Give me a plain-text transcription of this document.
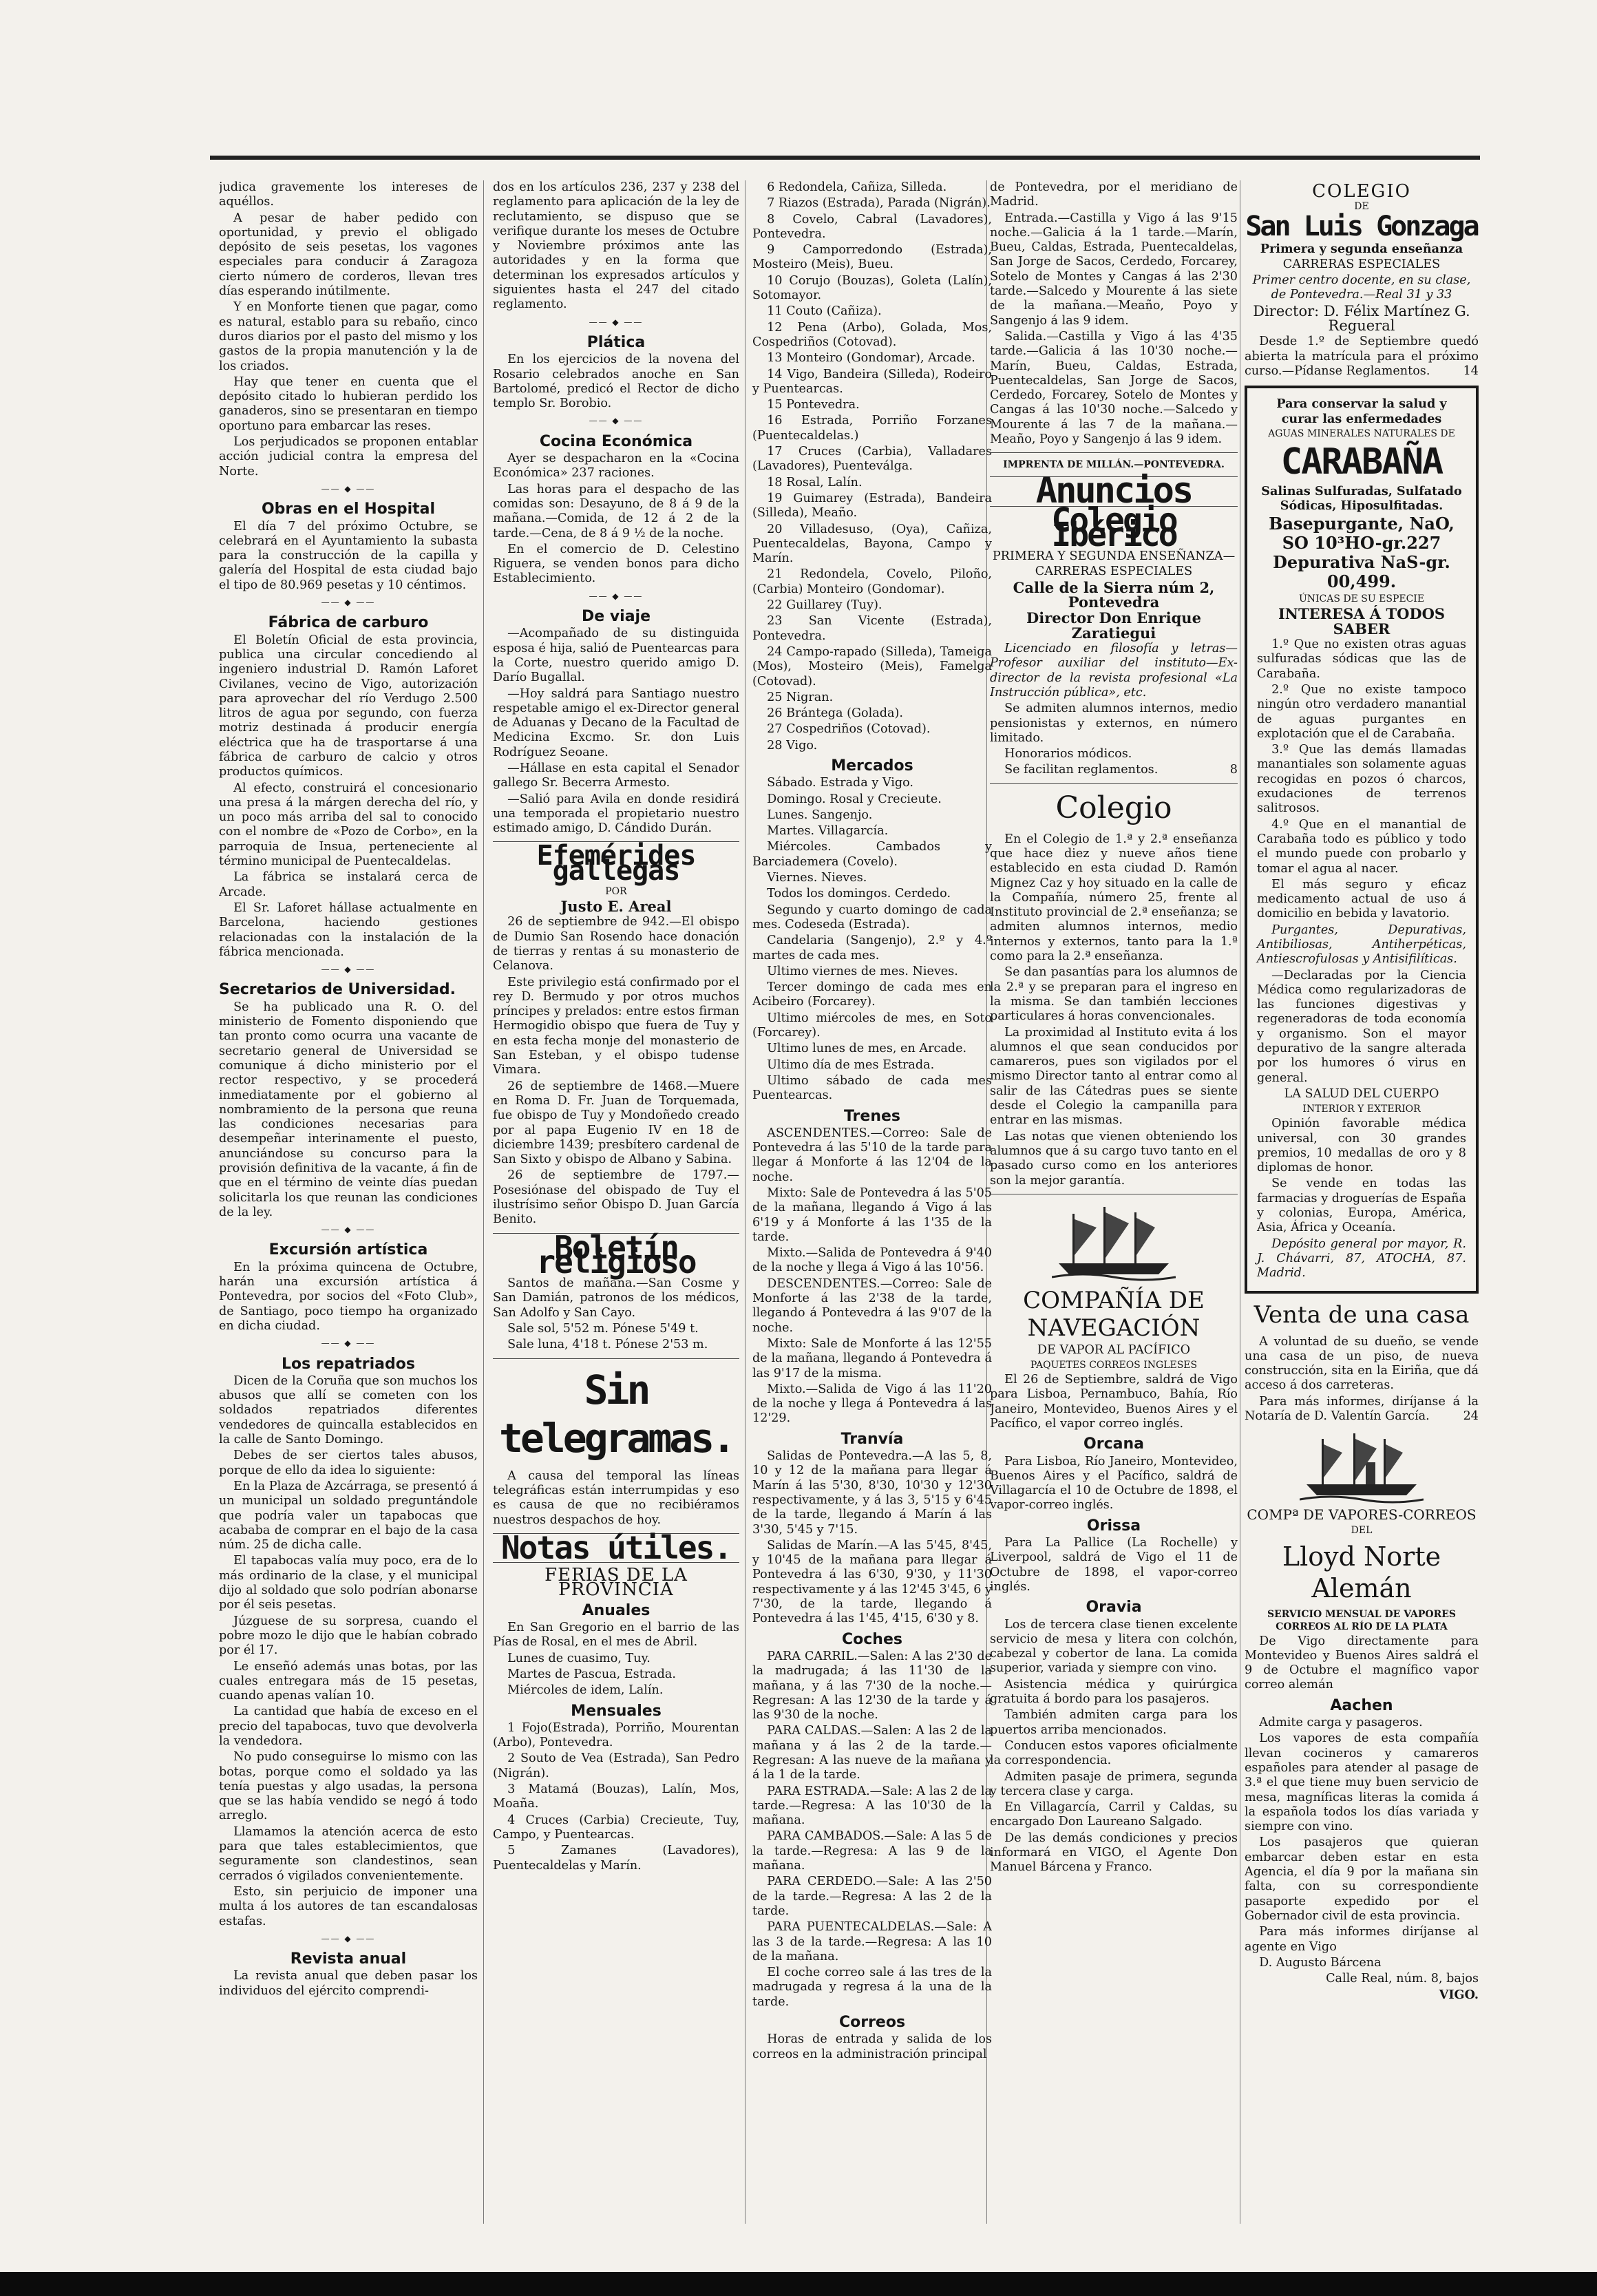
judica gravemente los intereses de aquéllos.

A pesar de haber pedido con oportunidad, y previo el obligado depósito de seis pesetas, los vagones especiales para conducir á Zaragoza cierto número de corderos, llevan tres días esperando inútilmente.

Y en Monforte tienen que pagar, como es natural, establo para su rebaño, cinco duros diarios por el pasto del mismo y los gastos de la propia manutención y la de los criados.

Hay que tener en cuenta que el depósito citado lo hubieran perdido los ganaderos, sino se presentaran en tiempo oportuno para embarcar las reses.

Los perjudicados se proponen entablar acción judicial contra la empresa del Norte.

—— ◆ ——
Obras en el Hospital

El día 7 del próximo Octubre, se celebrará en el Ayuntamiento la subasta para la construcción de la capilla y galería del Hospital de esta ciudad bajo el tipo de 80.969 pesetas y 10 céntimos.

—— ◆ ——
Fábrica de carburo

El Boletín Oficial de esta provincia, publica una circular concediendo al ingeniero industrial D. Ramón Laforet Civilanes, vecino de Vigo, autorización para aprovechar del río Verdugo 2.500 litros de agua por segundo, con fuerza motriz destinada á producir energía eléctrica que ha de trasportarse á una fábrica de carburo de calcio y otros productos químicos.

Al efecto, construirá el concesionario una presa á la márgen derecha del río, y un poco más arriba del sal to conocido con el nombre de «Pozo de Corbo», en la parroquia de Insua, perteneciente al término municipal de Puentecaldelas.

La fábrica se instalará cerca de Arcade.

El Sr. Laforet hállase actualmente en Barcelona, haciendo gestiones relacionadas con la instalación de la fábrica mencionada.

—— ◆ ——
Secretarios de Universidad.

Se ha publicado una R. O. del ministerio de Fomento disponiendo que tan pronto como ocurra una vacante de secretario general de Universidad se comunique á dicho ministerio por el rector respectivo, y se procederá inmediatamente por el gobierno al nombramiento de la persona que reuna las condiciones necesarias para desempeñar interinamente el puesto, anunciándose su concurso para la provisión definitiva de la vacante, á fin de que en el término de veinte días puedan solicitarla los que reunan las condiciones de la ley.

—— ◆ ——
Excursión artística

En la próxima quincena de Octubre, harán una excursión artística á Pontevedra, por socios del «Foto Club», de Santiago, poco tiempo ha organizado en dicha ciudad.

—— ◆ ——
Los repatriados

Dicen de la Coruña que son muchos los abusos que allí se cometen con los soldados repatriados diferentes vendedores de quincalla establecidos en la calle de Santo Domingo.

Debes de ser ciertos tales abusos, porque de ello da idea lo siguiente:

En la Plaza de Azcárraga, se presentó á un municipal un soldado preguntándole que podría valer un tapabocas que acababa de comprar en el bajo de la casa núm. 25 de dicha calle.

El tapabocas valía muy poco, era de lo más ordinario de la clase, y el municipal dijo al soldado que solo podrían abonarse por él seis pesetas.

Júzguese de su sorpresa, cuando el pobre mozo le dijo que le habían cobrado por él 17.

Le enseñó además unas botas, por las cuales entregara más de 15 pesetas, cuando apenas valían 10.

La cantidad que había de exceso en el precio del tapabocas, tuvo que devolverla la vendedora.

No pudo conseguirse lo mismo con las botas, porque como el soldado ya las tenía puestas y algo usadas, la persona que se las había vendido se negó á todo arreglo.

Llamamos la atención acerca de esto para que tales establecimientos, que seguramente son clandestinos, sean cerrados ó vigilados convenientemente.

Esto, sin perjuicio de imponer una multa á los autores de tan escandalosas estafas.

—— ◆ ——
Revista anual

La revista anual que deben pasar los individuos del ejército comprendi-

dos en los artículos 236, 237 y 238 del reglamento para aplicación de la ley de reclutamiento, se dispuso que se verifique durante los meses de Octubre y Noviembre próximos ante las autoridades y en la forma que determinan los expresados artículos y siguientes hasta el 247 del citado reglamento.

—— ◆ ——
Plática

En los ejercicios de la novena del Rosario celebrados anoche en San Bartolomé, predicó el Rector de dicho templo Sr. Borobio.

—— ◆ ——
Cocina Económica

Ayer se despacharon en la «Cocina Económica» 237 raciones.

Las horas para el despacho de las comidas son: Desayuno, de 8 á 9 de la mañana.—Comida, de 12 á 2 de la tarde.—Cena, de 8 á 9 ½ de la noche.

En el comercio de D. Celestino Riguera, se venden bonos para dicho Establecimiento.

—— ◆ ——
De viaje

—Acompañado de su distinguida esposa é hija, salió de Puentearcas para la Corte, nuestro querido amigo D. Darío Bugallal.

—Hoy saldrá para Santiago nuestro respetable amigo el ex-Director general de Aduanas y Decano de la Facultad de Medicina Excmo. Sr. don Luis Rodríguez Seoane.

—Hállase en esta capital el Senador gallego Sr. Becerra Armesto.

—Salió para Avila en donde residirá una temporada el propietario nuestro estimado amigo, D. Cándido Durán.

Efemérides gallegas

POR

Justo E. Areal

26 de septiembre de 942.—El obispo de Dumio San Rosendo hace donación de tierras y rentas á su monasterio de Celanova.

Este privilegio está confirmado por el rey D. Bermudo y por otros muchos príncipes y prelados: entre estos firman Hermogidio obispo que fuera de Tuy y en esta fecha monje del monasterio de San Esteban, y el obispo tudense Vimara.

26 de septiembre de 1468.—Muere en Roma D. Fr. Juan de Torquemada, fue obispo de Tuy y Mondoñedo creado por al papa Eugenio IV en 18 de diciembre 1439; presbítero cardenal de San Sixto y obispo de Albano y Sabina.

26 de septiembre de 1797.—Posesiónase del obispado de Tuy el ilustrísimo señor Obispo D. Juan García Benito.

Boletín religioso

Santos de mañana.—San Cosme y San Damián, patronos de los médicos, San Adolfo y San Cayo.

Sale sol, 5'52 m. Pónese 5'49 t.

Sale luna, 4'18 t. Pónese 2'53 m.

Sin telegramas.

A causa del temporal las líneas telegráficas están interrumpidas y eso es causa de que no recibiéramos nuestros despachos de hoy.

Notas útiles.

FERIAS DE LA PROVINCIA

Anuales

En San Gregorio en el barrio de las Pías de Rosal, en el mes de Abril.

Lunes de cuasimo, Tuy.

Martes de Pascua, Estrada.

Miércoles de idem, Lalín.

Mensuales

1 Fojo(Estrada), Porriño, Mourentan (Arbo), Pontevedra.

2 Souto de Vea (Estrada), San Pedro (Nigrán).

3 Matamá (Bouzas), Lalín, Mos, Moaña.

4 Cruces (Carbia) Crecieute, Tuy, Campo, y Puentearcas.

5 Zamanes (Lavadores), Puentecaldelas y Marín.

6 Redondela, Cañiza, Silleda.

7 Riazos (Estrada), Parada (Nigrán).

8 Covelo, Cabral (Lavadores), Pontevedra.

9 Camporredondo (Estrada), Mosteiro (Meis), Bueu.

10 Corujo (Bouzas), Goleta (Lalín), Sotomayor.

11 Couto (Cañiza).

12 Pena (Arbo), Golada, Mos, Cospedriños (Cotovad).

13 Monteiro (Gondomar), Arcade.

14 Vigo, Bandeira (Silleda), Rodeiro y Puentearcas.

15 Pontevedra.

16 Estrada, Porriño Forzanes (Puentecaldelas.)

17 Cruces (Carbia), Valladares (Lavadores), Puenteválga.

18 Rosal, Lalín.

19 Guimarey (Estrada), Bandeira (Silleda), Meaño.

20 Villadesuso, (Oya), Cañiza, Puentecaldelas, Bayona, Campo y Marín.

21 Redondela, Covelo, Piloño, (Carbia) Monteiro (Gondomar).

22 Guillarey (Tuy).

23 San Vicente (Estrada), Pontevedra.

24 Campo-rapado (Silleda), Tameiga (Mos), Mosteiro (Meis), Famelga (Cotovad).

25 Nigran.

26 Brántega (Golada).

27 Cospedriños (Cotovad).

28 Vigo.

Mercados

Sábado. Estrada y Vigo.

Domingo. Rosal y Crecieute.

Lunes. Sangenjo.

Martes. Villagarcía.

Miércoles. Cambados y Barciademera (Covelo).

Viernes. Nieves.

Todos los domingos. Cerdedo.

Segundo y cuarto domingo de cada mes. Codeseda (Estrada).

Candelaria (Sangenjo), 2.º y 4.º martes de cada mes.

Ultimo viernes de mes. Nieves.

Tercer domingo de cada mes en Acibeiro (Forcarey).

Ultimo miércoles de mes, en Soto (Forcarey).

Ultimo lunes de mes, en Arcade.

Ultimo día de mes Estrada.

Ultimo sábado de cada mes Puentearcas.

Trenes

ASCENDENTES.—Correo: Sale de Pontevedra á las 5'10 de la tarde para llegar á Monforte á las 12'04 de la noche.

Mixto: Sale de Pontevedra á las 5'05 de la mañana, llegando á Vigo á las 6'19 y á Monforte á las 1'35 de la tarde.

Mixto.—Salida de Pontevedra á 9'40 de la noche y llega á Vigo á las 10'56.

DESCENDENTES.—Correo: Sale de Monforte á las 2'38 de la tarde, llegando á Pontevedra á las 9'07 de la noche.

Mixto: Sale de Monforte á las 12'55 de la mañana, llegando á Pontevedra á las 9'17 de la misma.

Mixto.—Salida de Vigo á las 11'20 de la noche y llega á Pontevedra á las 12'29.

Tranvía

Salidas de Pontevedra.—A las 5, 8, 10 y 12 de la mañana para llegar á Marín á las 5'30, 8'30, 10'30 y 12'30 respectivamente, y á las 3, 5'15 y 6'45 de la tarde, llegando á Marín á las 3'30, 5'45 y 7'15.

Salidas de Marín.—A las 5'45, 8'45, y 10'45 de la mañana para llegar á Pontevedra á las 6'30, 9'30, y 11'30 respectivamente y á las 12'45 3'45, 6 y 7'30, de la tarde, llegando á Pontevedra á las 1'45, 4'15, 6'30 y 8.

Coches

PARA CARRIL.—Salen: A las 2'30 de la madrugada; á las 11'30 de la mañana, y á las 7'30 de la noche.—Regresan: A las 12'30 de la tarde y á las 9'30 de la noche.

PARA CALDAS.—Salen: A las 2 de la mañana y á las 2 de la tarde.—Regresan: A las nueve de la mañana y á la 1 de la tarde.

PARA ESTRADA.—Sale: A las 2 de la tarde.—Regresa: A las 10'30 de la mañana.

PARA CAMBADOS.—Sale: A las 5 de la tarde.—Regresa: A las 9 de la mañana.

PARA CERDEDO.—Sale: A las 2'50 de la tarde.—Regresa: A las 2 de la tarde.

PARA PUENTECALDELAS.—Sale: A las 3 de la tarde.—Regresa: A las 10 de la mañana.

El coche correo sale á las tres de la madrugada y regresa á la una de la tarde.

Correos

Horas de entrada y salida de los correos en la administración principal

de Pontevedra, por el meridiano de Madrid.

Entrada.—Castilla y Vigo á las 9'15 noche.—Galicia á la 1 tarde.—Marín, Bueu, Caldas, Estrada, Puentecaldelas, San Jorge de Sacos, Cerdedo, Forcarey, Sotelo de Montes y Cangas á las 2'30 tarde.—Salcedo y Mourente á las siete de la mañana.—Meaño, Poyo y Sangenjo á las 9 idem.

Salida.—Castilla y Vigo á las 4'35 tarde.—Galicia á las 10'30 noche.—Marín, Bueu, Caldas, Estrada, Puentecaldelas, San Jorge de Sacos, Cerdedo, Forcarey, Sotelo de Montes y Cangas á las 10'30 noche.—Salcedo y Mourente á las 7 de la mañana.—Meaño, Poyo y Sangenjo á las 9 idem.

IMPRENTA DE MILLÁN.—PONTEVEDRA.

Anuncios
Colegio Ibérico

PRIMERA Y SEGUNDA ENSEÑANZA—CARRERAS ESPECIALES

Calle de la Sierra núm 2, Pontevedra

Director Don Enrique Zaratiegui

Licenciado en filosofía y letras—Profesor auxiliar del instituto—Ex-director de la revista profesional «La Instrucción pública», etc.

Se admiten alumnos internos, medio pensionistas y externos, en número limitado.

Honorarios módicos.

Se facilitan reglamentos.	8

Colegio

En el Colegio de 1.ª y 2.ª enseñanza que hace diez y nueve años tiene establecido en esta ciudad D. Ramón Mignez Caz y hoy situado en la calle de la Compañía, número 25, frente al Instituto provincial de 2.ª enseñanza; se admiten alumnos internos, medio internos y externos, tanto para la 1.ª como para la 2.ª enseñanza.

Se dan pasantías para los alumnos de la 2.ª y se preparan para el ingreso en la misma. Se dan también lecciones particulares á horas convencionales.

La proximidad al Instituto evita á los alumnos el que sean conducidos por camareros, pues son vigilados por el mismo Director tanto al entrar como al salir de las Cátedras pues se siente desde el Colegio la campanilla para entrar en las mismas.

Las notas que vienen obteniendo los alumnos que á su cargo tuvo tanto en el pasado curso como en los anteriores son la mejor garantía.

COMPAÑÍA DE NAVEGACIÓN

DE VAPOR AL PACÍFICO

PAQUETES CORREOS INGLESES

El 26 de Septiembre, saldrá de Vigo para Lisboa, Pernambuco, Bahía, Río Janeiro, Montevideo, Buenos Aires y el Pacífico, el vapor correo inglés.

Orcana

Para Lisboa, Río Janeiro, Montevideo, Buenos Aires y el Pacífico, saldrá de Villagarcía el 10 de Octubre de 1898, el vapor-correo inglés.

Orissa

Para La Pallice (La Rochelle) y Liverpool, saldrá de Vigo el 11 de Octubre de 1898, el vapor-correo inglés.

Oravia

Los de tercera clase tienen excelente servicio de mesa y litera con colchón, cabezal y cobertor de lana. La comida superior, variada y siempre con vino.

Asistencia médica y quirúrgica gratuita á bordo para los pasajeros.

También admiten carga para los puertos arriba mencionados.

Conducen estos vapores oficialmente la correspondencia.

Admiten pasaje de primera, segunda y tercera clase y carga.

En Villagarcía, Carril y Caldas, su encargado Don Laureano Salgado.

De las demás condiciones y precios informará en VIGO, el Agente Don Manuel Bárcena y Franco.

COLEGIO

DE

San Luis Gonzaga

Primera y segunda enseñanza

CARRERAS ESPECIALES

Primer centro docente, en su clase, de Pontevedra.—Real 31 y 33

Director: D. Félix Martínez G. Regueral

Desde 1.º de Septiembre quedó abierta la matrícula para el próximo curso.—Pídanse Reglamentos.	14

Para conservar la salud y curar las enfermedades

AGUAS MINERALES NATURALES DE

CARABAÑA

Salinas Sulfuradas, Sulfatado Sódicas, Hiposulfitadas.

Basepurgante, NaO, SO 10³HO-gr.227 Depurativa NaS-gr. 00,499.

ÚNICAS DE SU ESPECIE

INTERESA Á TODOS SABER

1.º Que no existen otras aguas sulfuradas sódicas que las de Carabaña.

2.º Que no existe tampoco ningún otro verdadero manantial de aguas purgantes en explotación que el de Carabaña.

3.º Que las demás llamadas manantiales son solamente aguas recogidas en pozos ó charcos, exudaciones de terrenos salitrosos.

4.º Que en el manantial de Carabaña todo es público y todo el mundo puede con probarlo y tomar el agua al nacer.

El más seguro y eficaz medicamento actual de uso á domicilio en bebida y lavatorio.

Purgantes, Depurativas, Antibiliosas, Antiherpéticas, Antiescrofulosas y Antisifilíticas.

—Declaradas por la Ciencia Médica como regularizadoras de las funciones digestivas y regeneradoras de toda economía y organismo. Son el mayor depurativo de la sangre alterada por los humores ó virus en general.

LA SALUD DEL CUERPO

INTERIOR Y EXTERIOR

Opinión favorable médica universal, con 30 grandes premios, 10 medallas de oro y 8 diplomas de honor.

Se vende en todas las farmacias y droguerías de España y colonias, Europa, América, Asia, África y Oceanía.

Depósito general por mayor, R. J. Chávarri, 87, ATOCHA, 87. Madrid.

Venta de una casa

A voluntad de su dueño, se vende una casa de un piso, de nueva construcción, sita en la Eiriña, que dá acceso á dos carreteras.

Para más informes, diríjanse á la Notaría de D. Valentín García.	24

COMPª DE VAPORES-CORREOS

DEL

Lloyd Norte Alemán

SERVICIO MENSUAL DE VAPORES CORREOS AL RÍO DE LA PLATA

De Vigo directamente para Montevideo y Buenos Aires saldrá el 9 de Octubre el magnífico vapor correo alemán

Aachen

Admite carga y pasageros.

Los vapores de esta compañía llevan cocineros y camareros españoles para atender al pasage de 3.ª el que tiene muy buen servicio de mesa, magníficas literas la comida á la española todos los días variada y siempre con vino.

Los pasajeros que quieran embarcar deben estar en esta Agencia, el día 9 por la mañana sin falta, con su correspondiente pasaporte expedido por el Gobernador civil de esta provincia.

Para más informes diríjanse al agente en Vigo

D. Augusto Bárcena

Calle Real, núm. 8, bajos

VIGO.
